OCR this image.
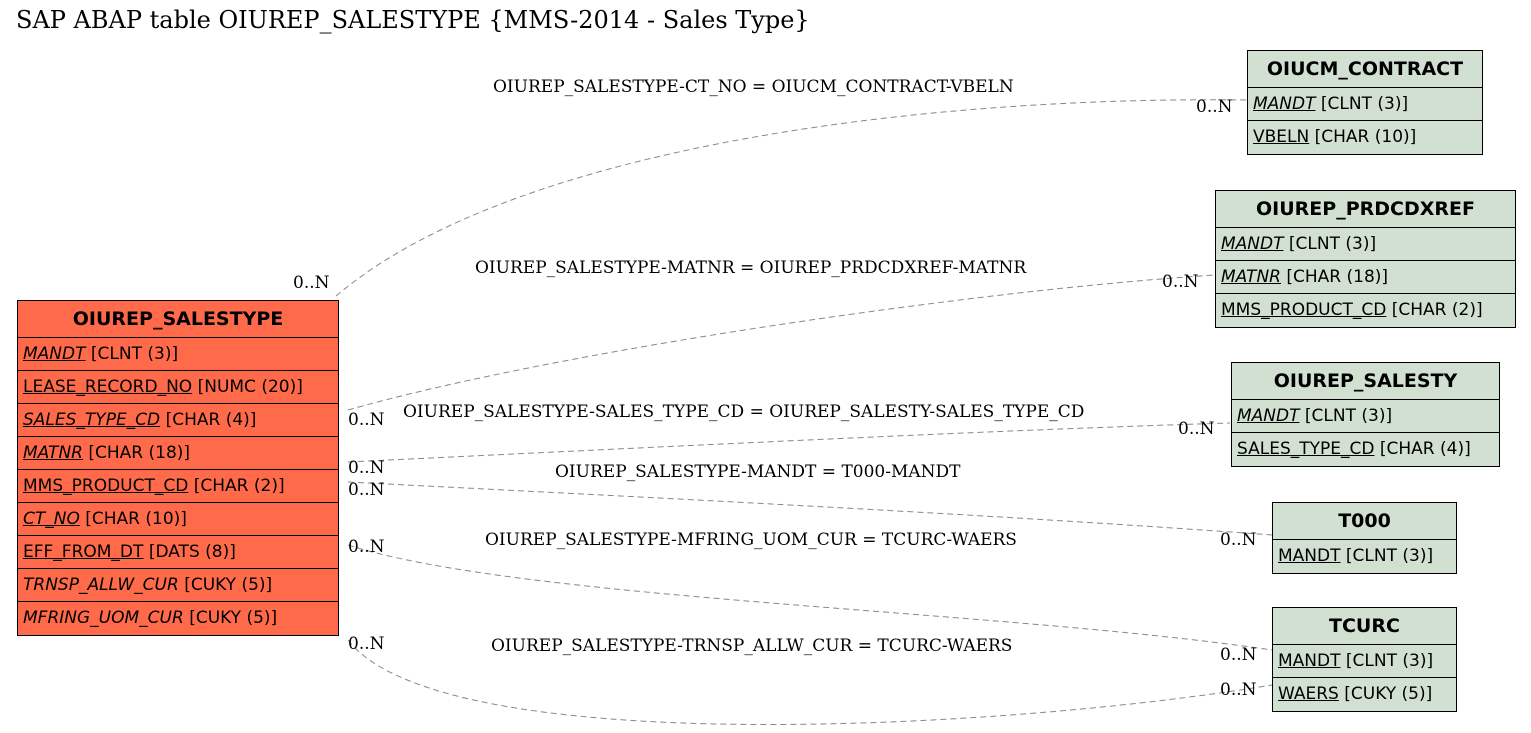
SAP ABAP table OIUREP_SALESTYPE {MMS-2014 - Sales Type}
OIUREP_SALESTYPE-CT_NO = OIUCM_CONTRACT-VBELN
OIUREP_SALESTYPE-MATNR = OIUREP_PRDCDXREF-MATNR
OIUREP_SALESTYPE-SALES_TYPE_CD = OIUREP_SALESTY-SALES_TYPE_CD
OIUREP_SALESTYPE-MANDT = T000-MANDT
OIUREP_SALESTYPE-MFRING_UOM_CUR = TCURC-WAERS
OIUREP_SALESTYPE-TRNSP_ALLW_CUR = TCURC-WAERS
0..N
0..N
0..N
0..N
0..N
0..N
0..N
0..N
0..N
0..N
0..N
0..N
OIUREP_SALESTYPE
MANDT [CLNT (3)]
LEASE_RECORD_NO [NUMC (20)]
SALES_TYPE_CD [CHAR (4)]
MATNR [CHAR (18)]
MMS_PRODUCT_CD [CHAR (2)]
CT_NO [CHAR (10)]
EFF_FROM_DT [DATS (8)]
TRNSP_ALLW_CUR [CUKY (5)]
MFRING_UOM_CUR [CUKY (5)]
OIUCM_CONTRACT
MANDT [CLNT (3)]
VBELN [CHAR (10)]
OIUREP_PRDCDXREF
MANDT [CLNT (3)]
MATNR [CHAR (18)]
MMS_PRODUCT_CD [CHAR (2)]
OIUREP_SALESTY
MANDT [CLNT (3)]
SALES_TYPE_CD [CHAR (4)]
T000
MANDT [CLNT (3)]
TCURC
MANDT [CLNT (3)]
WAERS [CUKY (5)]
